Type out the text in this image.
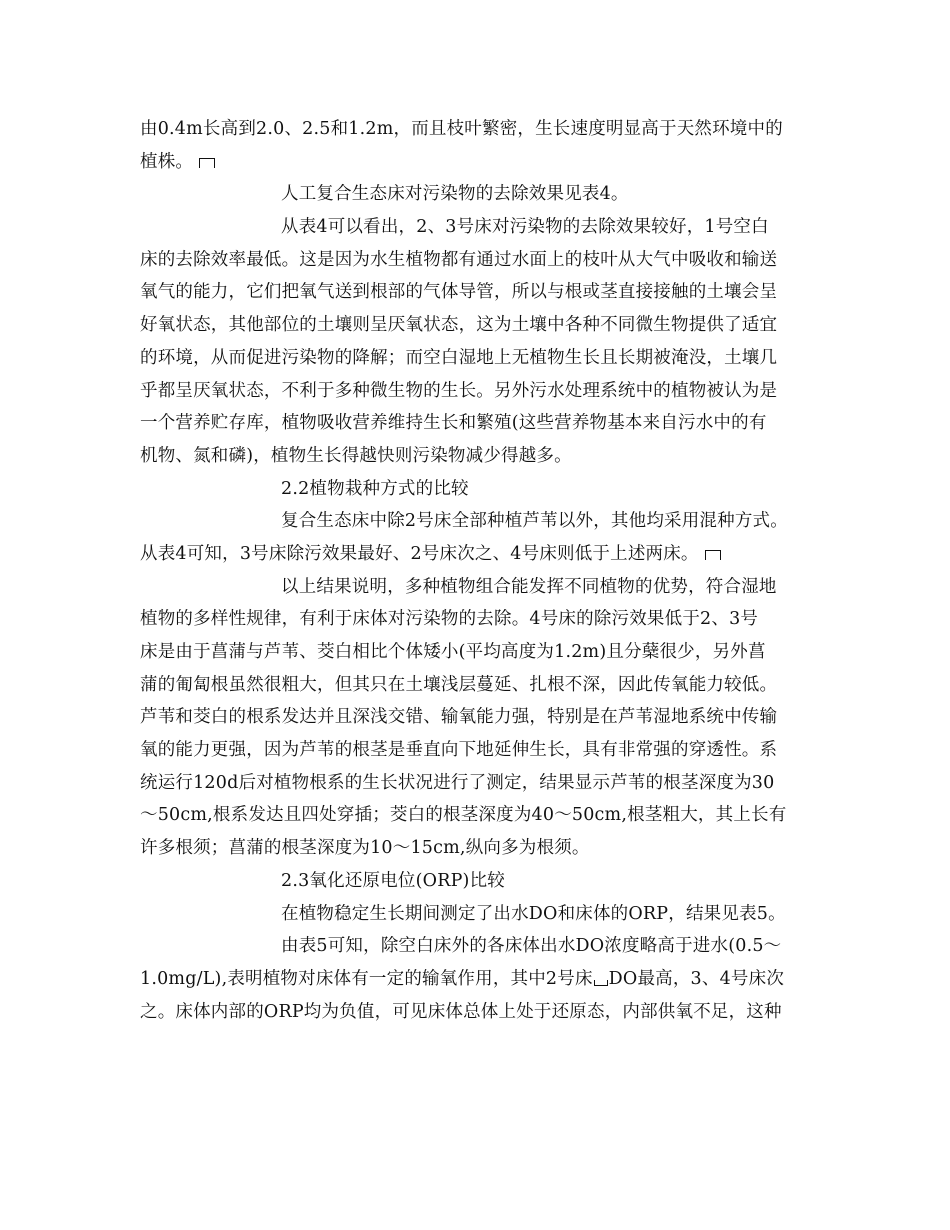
由0.4m长高到2.0、2.5和1.2m，而且枝叶繁密，生长速度明显高于天然环境中的
植株。
人工复合生态床对污染物的去除效果见表4。
从表4可以看出，2、3号床对污染物的去除效果较好，1号空白
床的去除效率最低。这是因为水生植物都有通过水面上的枝叶从大气中吸收和输送
氧气的能力，它们把氧气送到根部的气体导管，所以与根或茎直接接触的土壤会呈
好氧状态，其他部位的土壤则呈厌氧状态，这为土壤中各种不同微生物提供了适宜
的环境，从而促进污染物的降解；而空白湿地上无植物生长且长期被淹没，土壤几
乎都呈厌氧状态，不利于多种微生物的生长。另外污水处理系统中的植物被认为是
一个营养贮存库，植物吸收营养维持生长和繁殖(这些营养物基本来自污水中的有
机物、氮和磷)，植物生长得越快则污染物减少得越多。
2.2植物栽种方式的比较
复合生态床中除2号床全部种植芦苇以外，其他均采用混种方式。
从表4可知，3号床除污效果最好、2号床次之、4号床则低于上述两床。
以上结果说明，多种植物组合能发挥不同植物的优势，符合湿地
植物的多样性规律，有利于床体对污染物的去除。4号床的除污效果低于2、3号
床是由于菖蒲与芦苇、茭白相比个体矮小(平均高度为1.2m)且分蘖很少，另外菖
蒲的匍匐根虽然很粗大，但其只在土壤浅层蔓延、扎根不深，因此传氧能力较低。
芦苇和茭白的根系发达并且深浅交错、输氧能力强，特别是在芦苇湿地系统中传输
氧的能力更强，因为芦苇的根茎是垂直向下地延伸生长，具有非常强的穿透性。系
统运行120d后对植物根系的生长状况进行了测定，结果显示芦苇的根茎深度为30
～50cm,根系发达且四处穿插；茭白的根茎深度为40～50cm,根茎粗大，其上长有
许多根须；菖蒲的根茎深度为10～15cm,纵向多为根须。
2.3氧化还原电位(ORP)比较
在植物稳定生长期间测定了出水DO和床体的ORP，结果见表5。
由表5可知，除空白床外的各床体出水DO浓度略高于进水(0.5～
1.0mg/L),表明植物对床体有一定的输氧作用，其中2号床 DO最高，3、4号床次
之。床体内部的ORP均为负值，可见床体总体上处于还原态，内部供氧不足，这种
